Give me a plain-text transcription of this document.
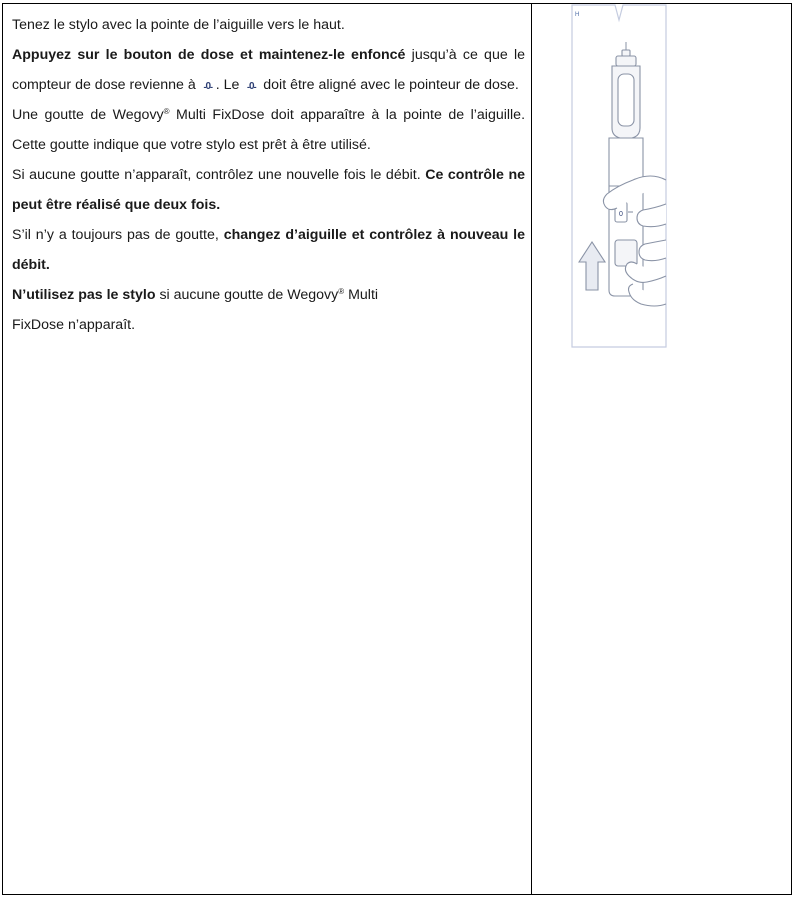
Tenez le stylo avec la pointe de l’aiguille vers le haut.

Appuyez sur le bouton de dose et maintenez-le enfoncé jusqu’à ce que le compteur de dose revienne à - 0 - . Le - 0 - doit être aligné avec le pointeur de dose.

Une goutte de Wegovy® Multi FixDose doit apparaître à la pointe de l’aiguille. Cette goutte indique que votre stylo est prêt à être utilisé.

Si aucune goutte n’apparaît, contrôlez une nouvelle fois le débit. Ce contrôle ne peut être réalisé que deux fois.

S’il n’y a toujours pas de goutte, changez d’aiguille et contrôlez à nouveau le débit.

N’utilisez pas le stylo si aucune goutte de Wegovy® Multi
FixDose n’apparaît.

H
0
